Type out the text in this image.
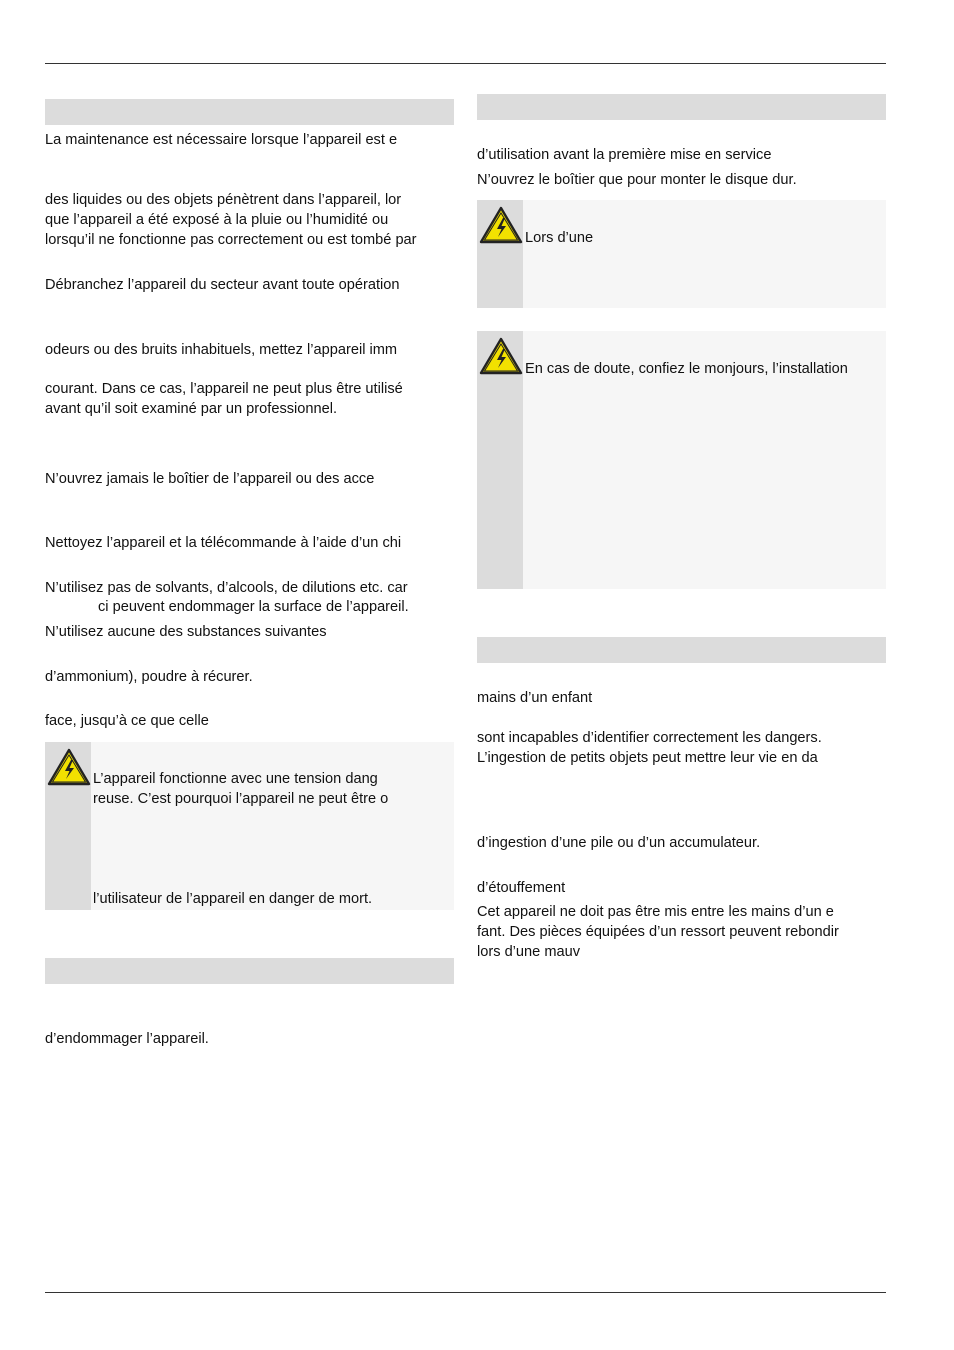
La maintenance est nécessaire lorsque l’appareil est e
des liquides ou des objets pénètrent dans l’appareil, lor
que l’appareil a été exposé à la pluie ou l’humidité ou
lorsqu’il ne fonctionne pas correctement ou est tombé par
Débranchez l’appareil du secteur avant toute opération
odeurs ou des bruits inhabituels, mettez l’appareil imm
courant. Dans ce cas, l’appareil ne peut plus être utilisé
avant qu’il soit examiné par un professionnel.
N’ouvrez jamais le boîtier de l’appareil ou des acce
Nettoyez l’appareil et la télécommande à l’aide d’un chi
N’utilisez pas de solvants, d’alcools, de dilutions etc. car
ci peuvent endommager la surface de l’appareil.
N’utilisez aucune des substances suivantes
d’ammonium), poudre à récurer.
face, jusqu’à ce que celle
L’appareil fonctionne avec une tension dang
reuse. C’est pourquoi l’appareil ne peut être o
l’utilisateur de l’appareil en danger de mort.
d’endommager l’appareil.
d’utilisation avant la première mise en service
N’ouvrez le boîtier que pour monter le disque dur.
Lors d’une
En cas de doute, confiez le monjours, l’installation
mains d’un enfant
sont incapables d’identifier correctement les dangers.
L’ingestion de petits objets peut mettre leur vie en da
d’ingestion d’une pile ou d’un accumulateur.
d’étouffement
Cet appareil ne doit pas être mis entre les mains d’un e
fant. Des pièces équipées d’un ressort peuvent rebondir
lors d’une mauv
